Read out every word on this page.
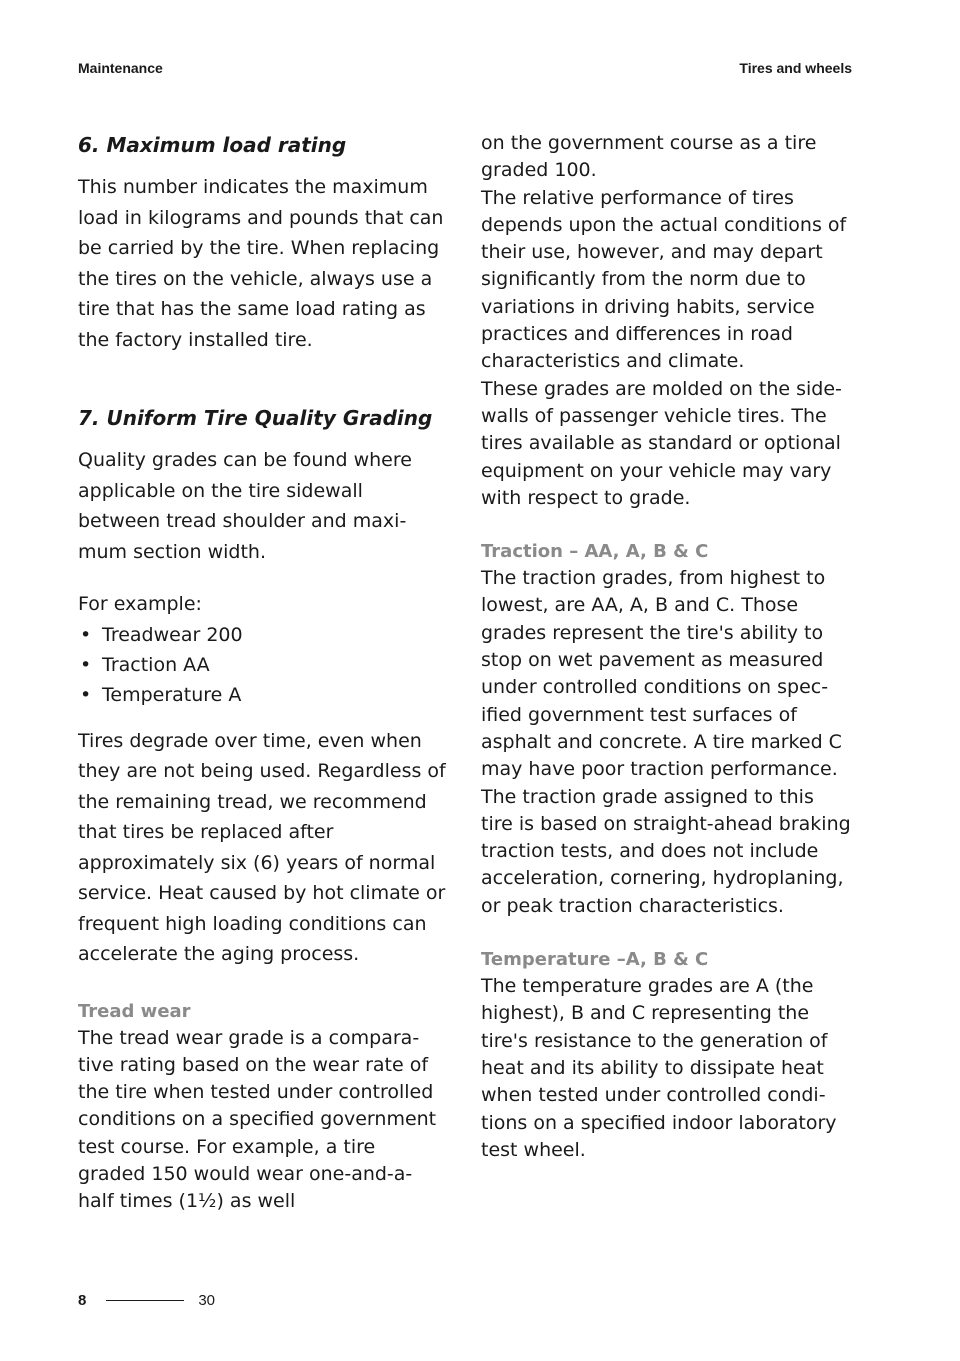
Maintenance	Tires and wheels
6. Maximum load rating

This number indicates the maximum load in kilograms and pounds that can be carried by the tire. When replacing the tires on the vehicle, always use a tire that has the same load rating as the factory installed tire.

7. Uniform Tire Quality Grading

Quality grades can be found where applicable on the tire sidewall between tread shoulder and maximum section width.

For example:

• Treadwear 200
• Traction AA
• Temperature A

Tires degrade over time, even when they are not being used. Regardless of the remaining tread, we recommend that tires be replaced after approximately six (6) years of normal service. Heat caused by hot climate or frequent high loading conditions can accelerate the aging process.

Tread wear

The tread wear grade is a comparative rating based on the wear rate of the tire when tested under controlled conditions on a specified government test course. For example, a tire graded 150 would wear one-and-a-half times (1½) as well

on the government course as a tire graded 100.

The relative performance of tires depends upon the actual conditions of their use, however, and may depart significantly from the norm due to variations in driving habits, service practices and differences in road characteristics and climate.

These grades are molded on the side-walls of passenger vehicle tires. The tires available as standard or optional equipment on your vehicle may vary with respect to grade.

Traction – AA, A, B & C

The traction grades, from highest to lowest, are AA, A, B and C. Those grades represent the tire's ability to stop on wet pavement as measured under controlled conditions on specified government test surfaces of asphalt and concrete. A tire marked C may have poor traction performance.

The traction grade assigned to this tire is based on straight-ahead braking traction tests, and does not include acceleration, cornering, hydroplaning, or peak traction characteristics.

Temperature –A, B & C

The temperature grades are A (the highest), B and C representing the tire's resistance to the generation of heat and its ability to dissipate heat when tested under controlled conditions on a specified indoor laboratory test wheel.

8	30
